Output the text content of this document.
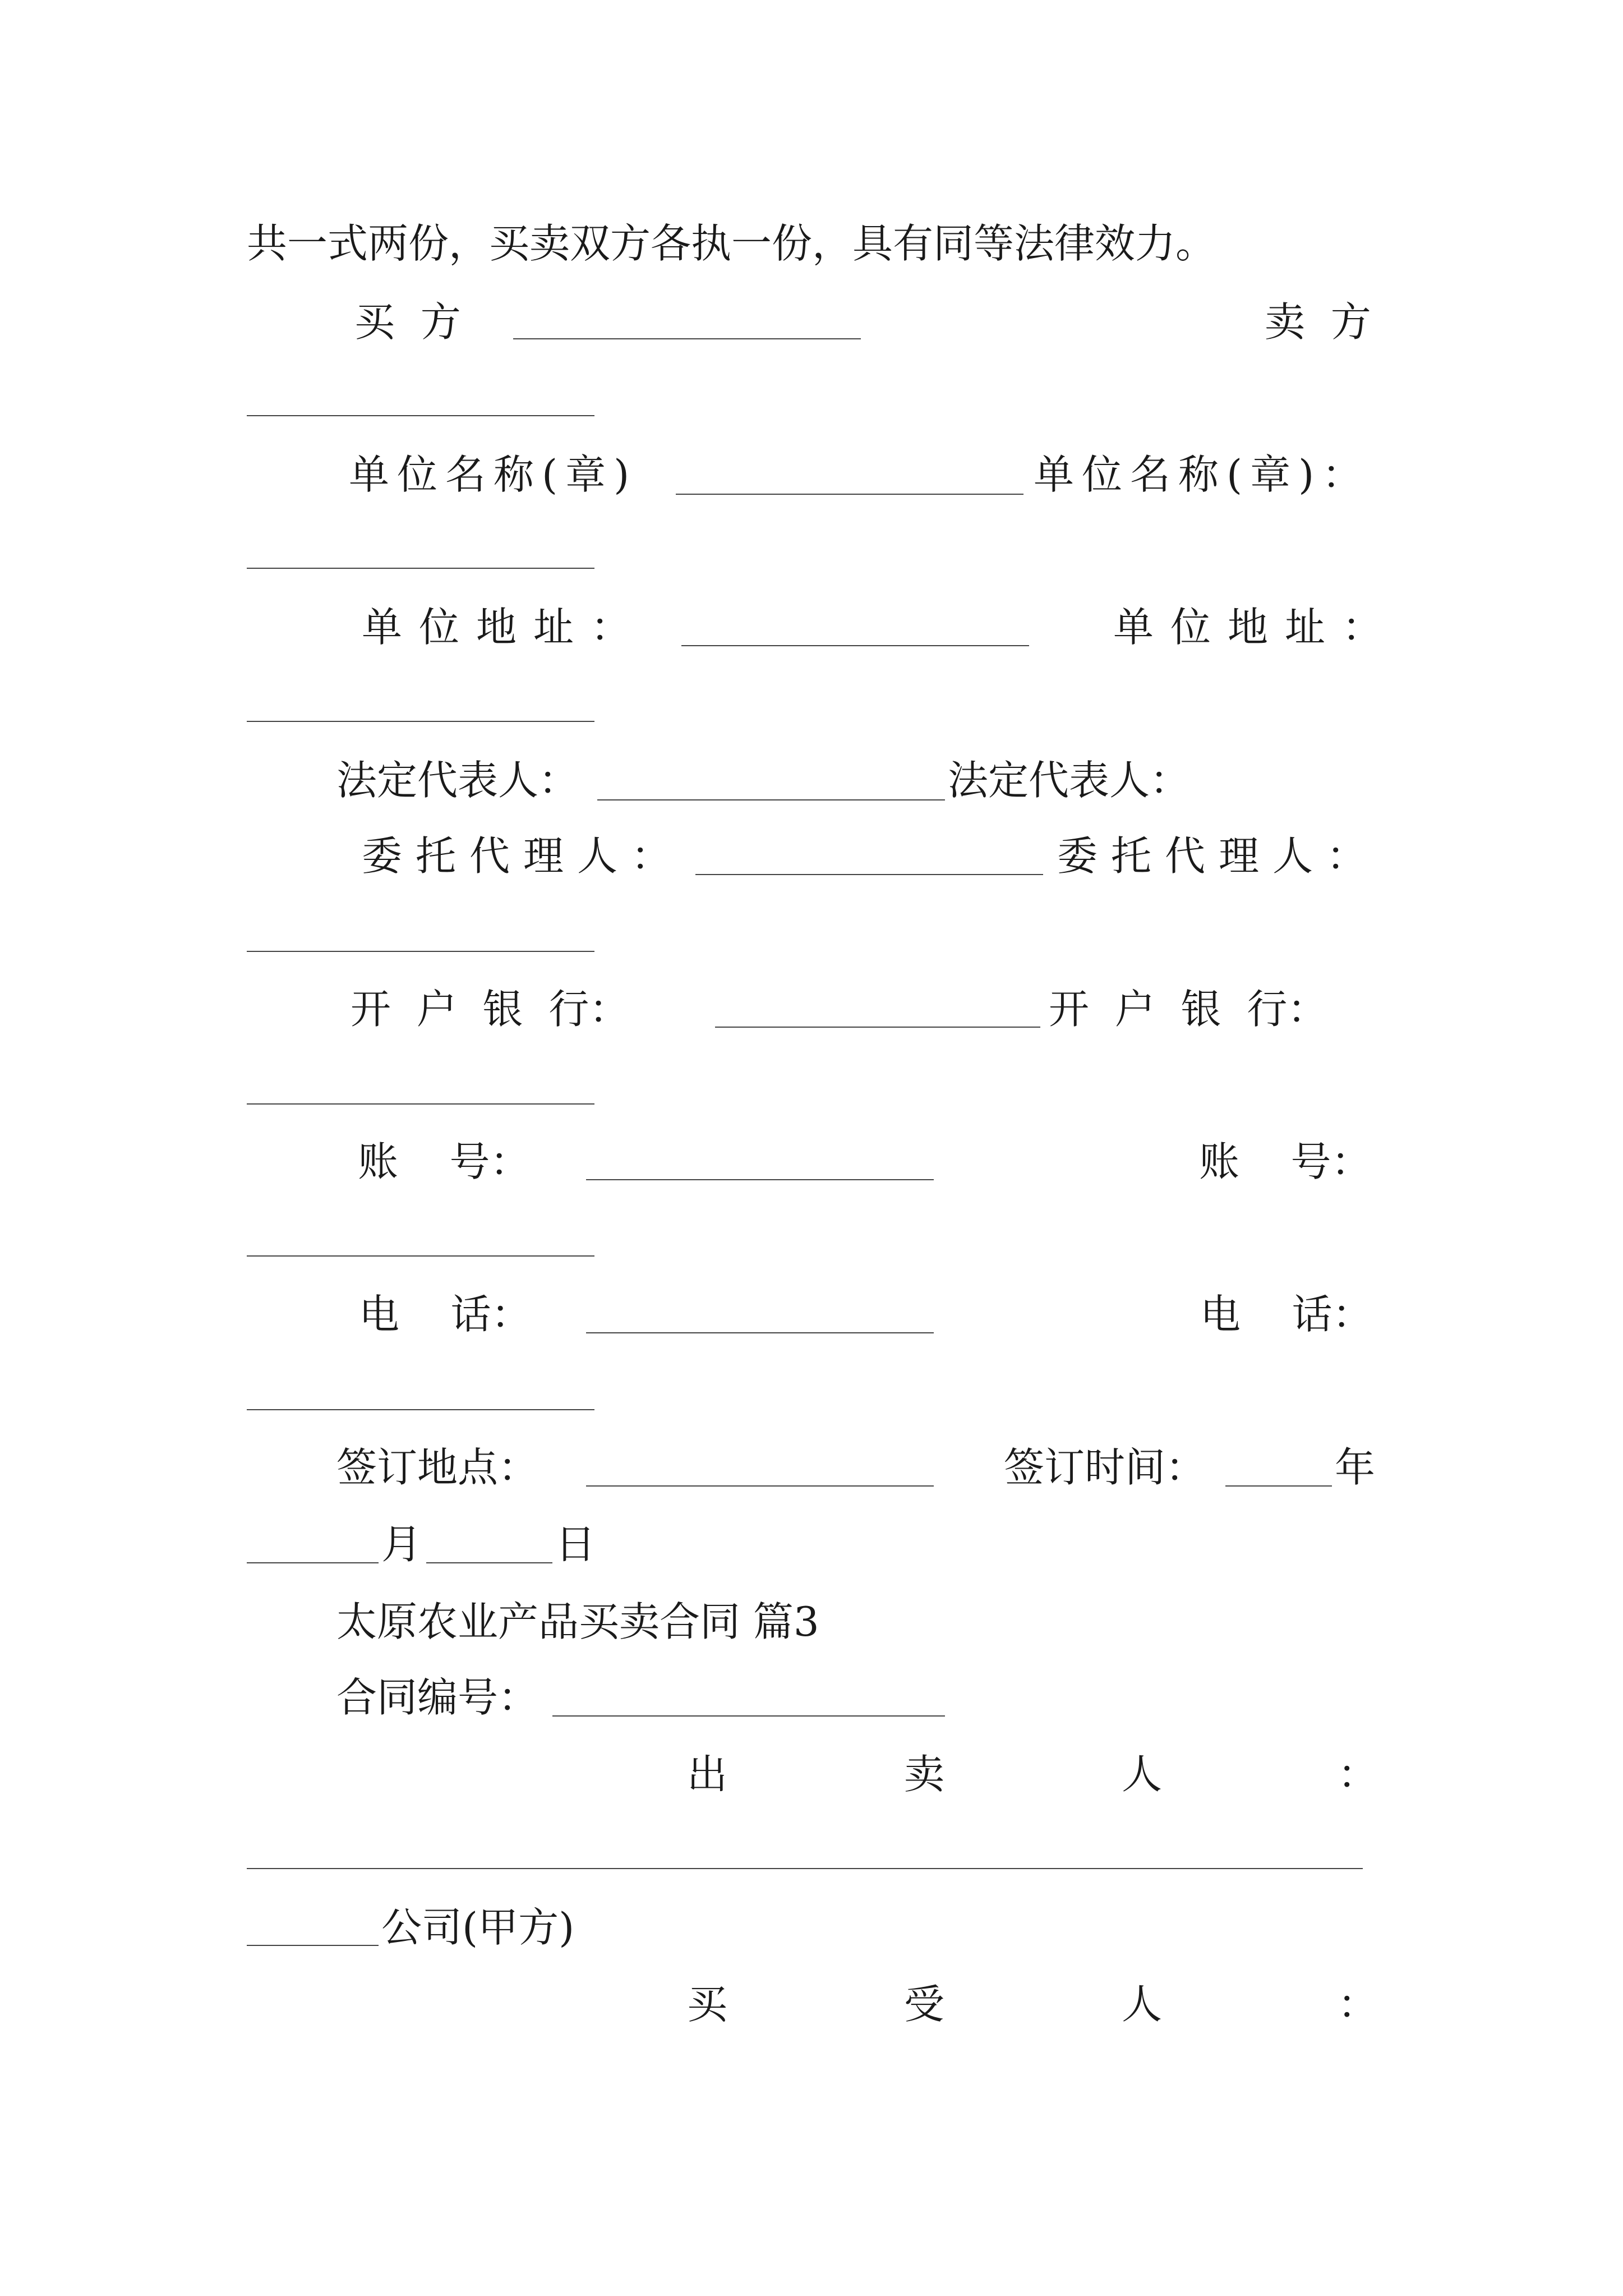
共一式两份，买卖双方各执一份，具有同等法律效力。
买  方	卖  方
单位名称(章)	单位名称(章)：
单位地址：	单位地址：
法定代表人：	法定代表人：
委托代理人：	委托代理人：
开  户  银  行：	开  户  银  行：
账    号：	账    号：
电    话：	电    话：
签订地点：	签订时间：	年
月	日
太原农业产品买卖合同 篇3
合同编号：
出	卖	人	：
公司(甲方)
买	受	人	：
